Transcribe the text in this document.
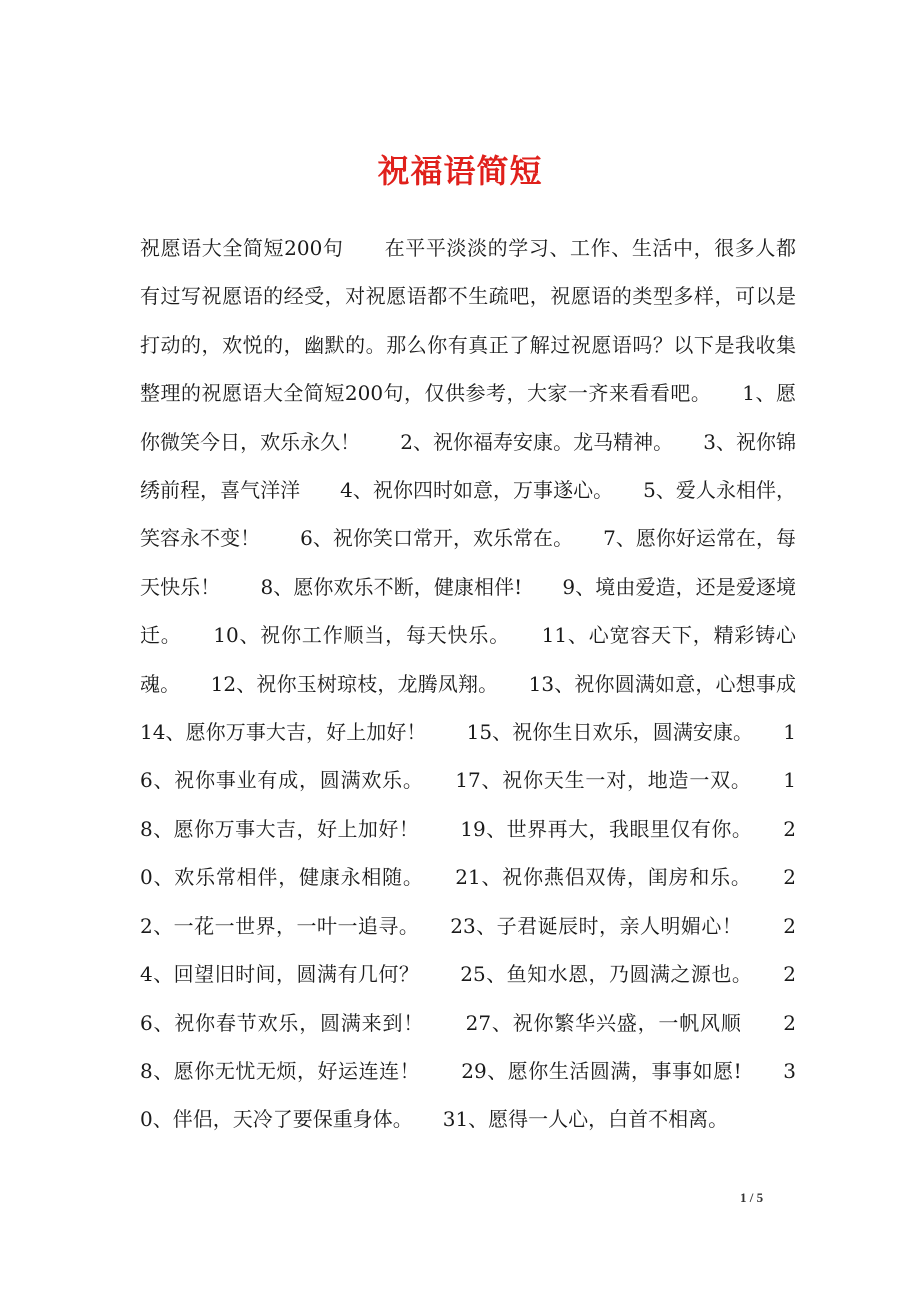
祝福语简短
祝愿语大全简短200句　　在平平淡淡的学习、工作、生活中，很多人都有过写祝愿语的经受，对祝愿语都不生疏吧，祝愿语的类型多样，可以是打动的，欢悦的，幽默的。那么你有真正了解过祝愿语吗？以下是我收集整理的祝愿语大全简短200句，仅供参考，大家一齐来看看吧。　　1、愿你微笑今日，欢乐永久！　　2、祝你福寿安康。龙马精神。　　3、祝你锦绣前程，喜气洋洋　　4、祝你四时如意，万事遂心。　　5、爱人永相伴，笑容永不变！　　6、祝你笑口常开，欢乐常在。　　7、愿你好运常在，每天快乐！　　8、愿你欢乐不断，健康相伴!　　9、境由爱造，还是爱逐境迁。　　10、祝你工作顺当，每天快乐。　　11、心宽容天下，精彩铸心魂。　　12、祝你玉树琼枝，龙腾凤翔。　　13、祝你圆满如意，心想事成　　14、愿你万事大吉，好上加好！　　15、祝你生日欢乐，圆满安康。　　16、祝你事业有成，圆满欢乐。　　17、祝你天生一对，地造一双。　　18、愿你万事大吉，好上加好！　　19、世界再大，我眼里仅有你。　　20、欢乐常相伴，健康永相随。　　21、祝你燕侣双俦，闺房和乐。　　22、一花一世界，一叶一追寻。　　23、子君诞辰时，亲人明媚心！　　24、回望旧时间，圆满有几何？　　25、鱼知水恩，乃圆满之源也。　　26、祝你春节欢乐，圆满来到！　　27、祝你繁华兴盛，一帆风顺　　28、愿你无忧无烦，好运连连！　　29、愿你生活圆满，事事如愿!　　30、伴侣，天冷了要保重身体。　　31、愿得一人心，白首不相离。
1 / 5
